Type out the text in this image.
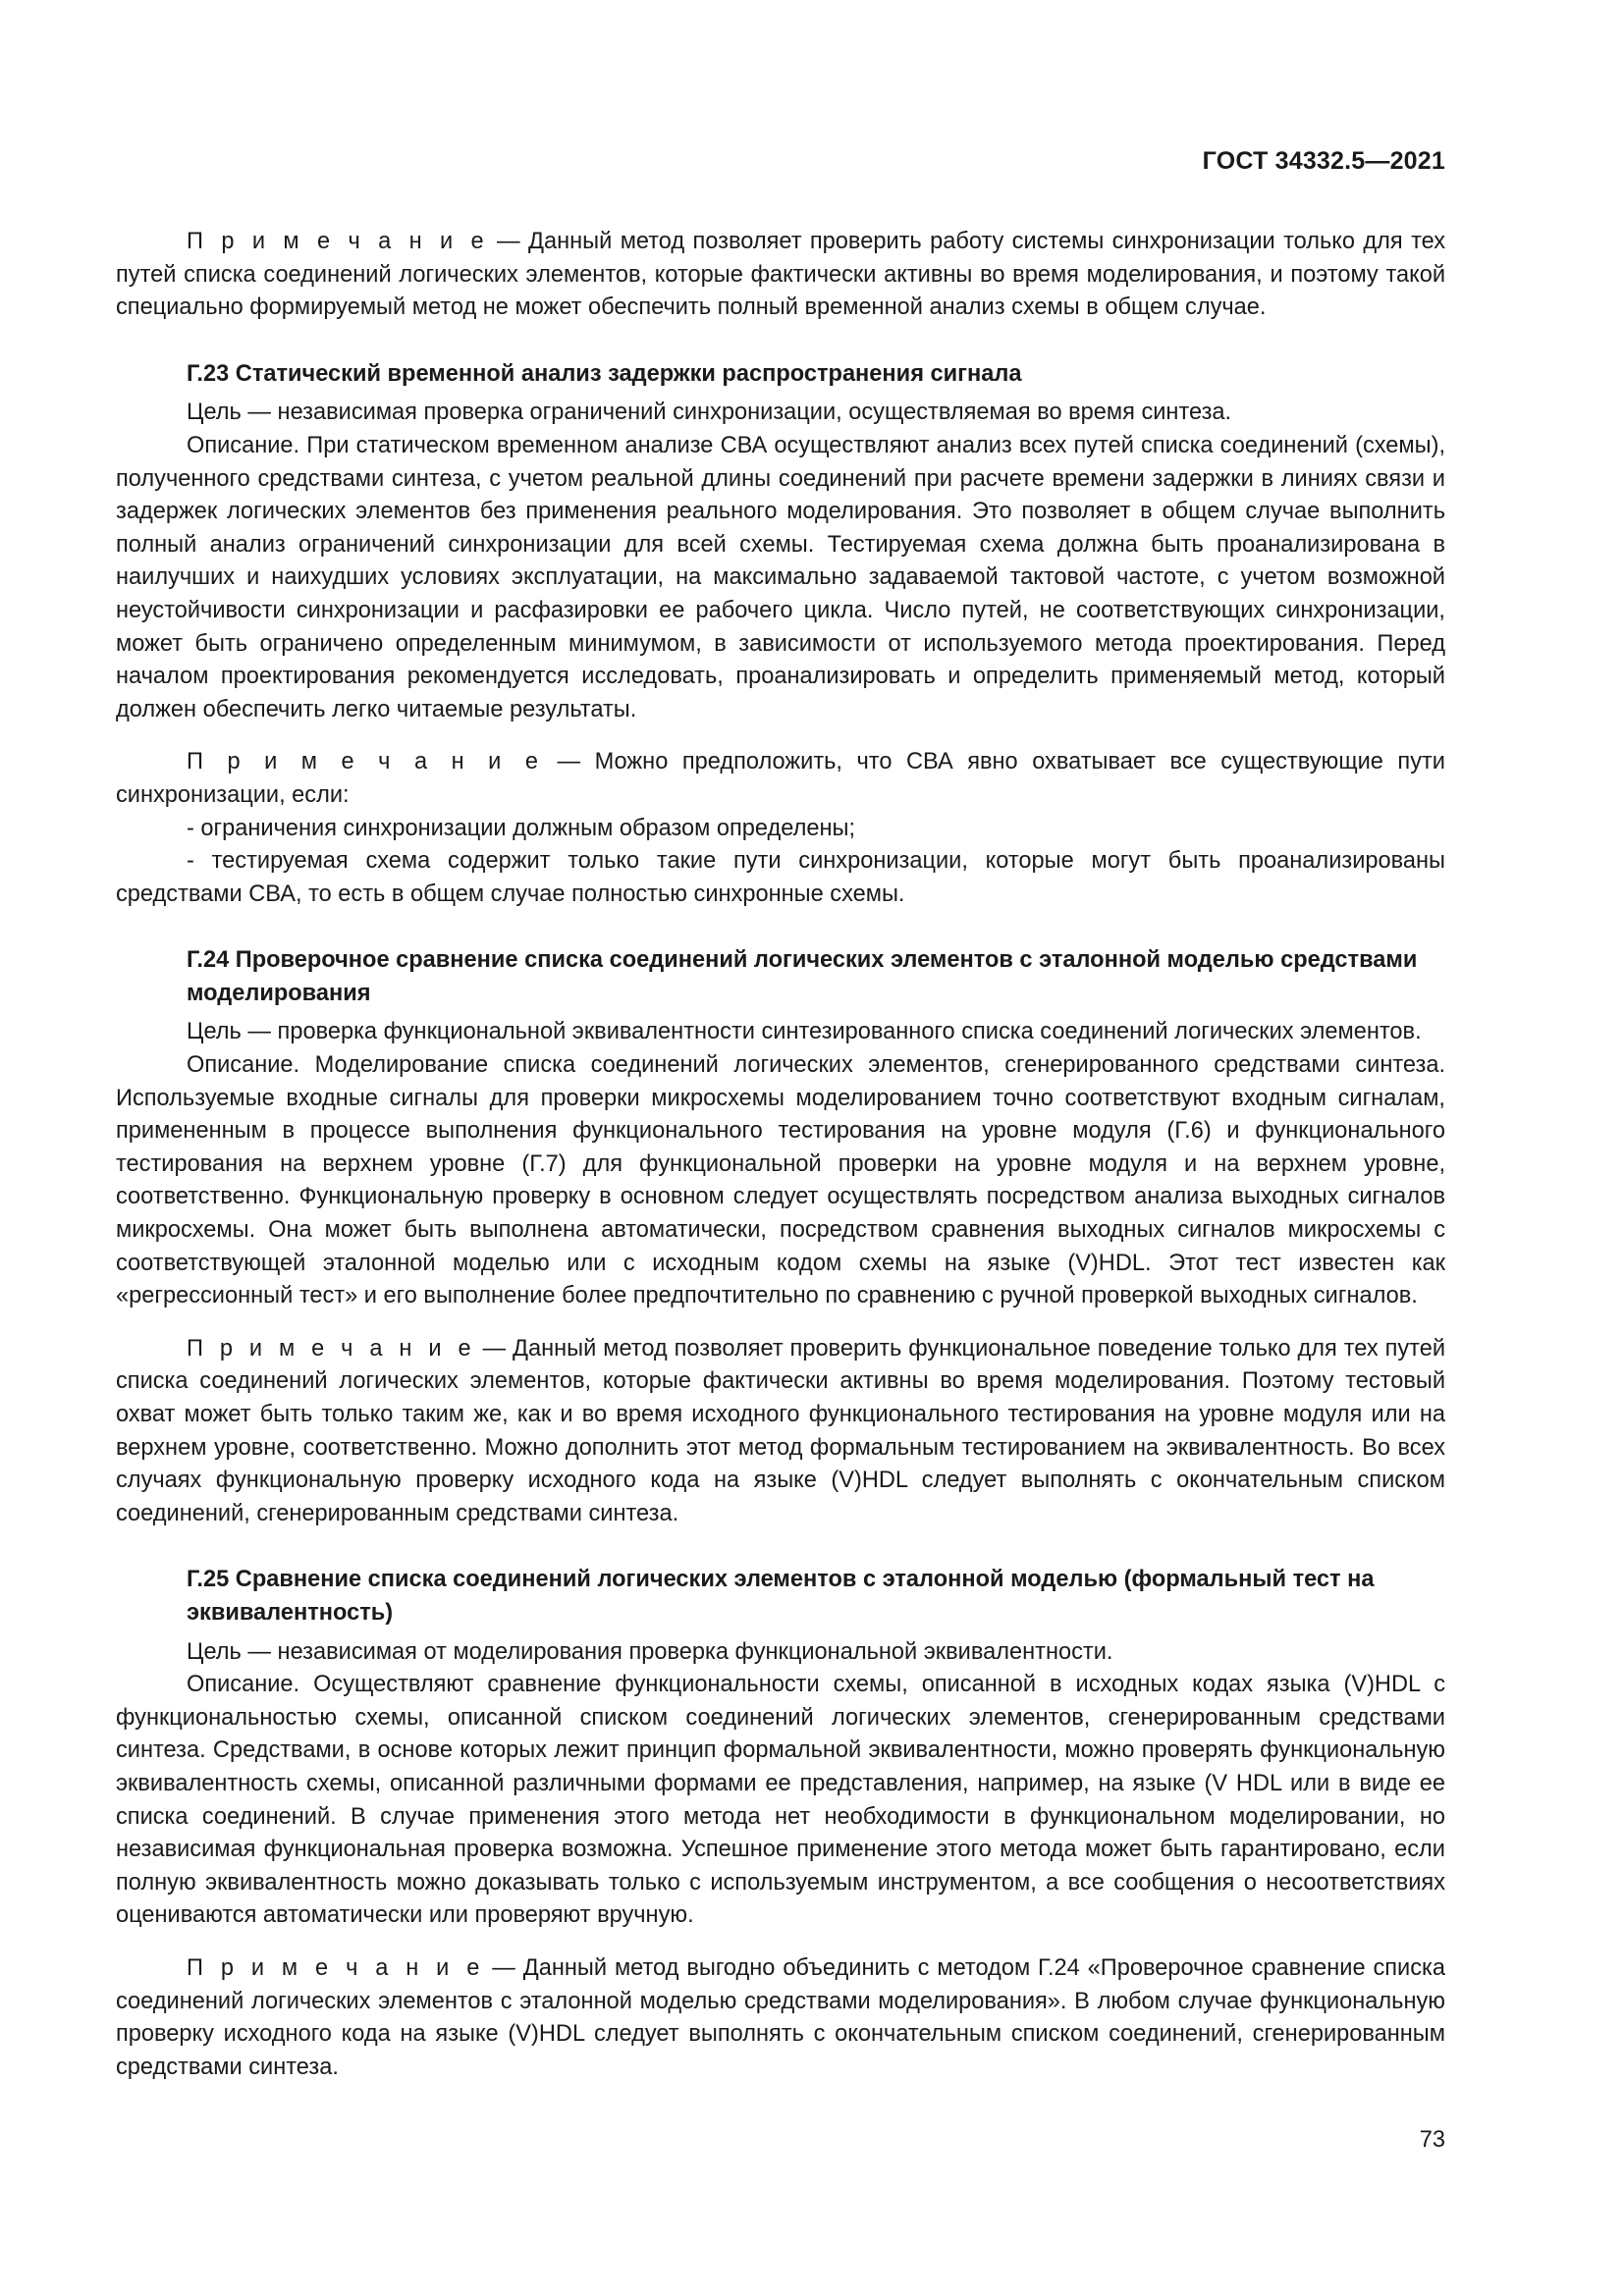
ГОСТ 34332.5—2021

П р и м е ч а н и е — Данный метод позволяет проверить работу системы синхронизации только для тех путей списка соединений логических элементов, которые фактически активны во время моделирования, и поэтому такой специально формируемый метод не может обеспечить полный временной анализ схемы в общем случае.

Г.23 Статический временной анализ задержки распространения сигнала

Цель — независимая проверка ограничений синхронизации, осуществляемая во время синтеза.

Описание. При статическом временном анализе СВА осуществляют анализ всех путей списка соединений (схемы), полученного средствами синтеза, с учетом реальной длины соединений при расчете времени задержки в линиях связи и задержек логических элементов без применения реального моделирования. Это позволяет в общем случае выполнить полный анализ ограничений синхронизации для всей схемы. Тестируемая схема должна быть проанализирована в наилучших и наихудших условиях эксплуатации, на максимально задаваемой тактовой частоте, с учетом возможной неустойчивости синхронизации и расфазировки ее рабочего цикла. Число путей, не соответствующих синхронизации, может быть ограничено определенным минимумом, в зависимости от используемого метода проектирования. Перед началом проектирования рекомендуется исследовать, проанализировать и определить применяемый метод, который должен обеспечить легко читаемые результаты.

П р и м е ч а н и е — Можно предположить, что СВА явно охватывает все существующие пути синхронизации, если:

- ограничения синхронизации должным образом определены;

- тестируемая схема содержит только такие пути синхронизации, которые могут быть проанализированы средствами СВА, то есть в общем случае полностью синхронные схемы.

Г.24 Проверочное сравнение списка соединений логических элементов с эталонной моделью средствами моделирования

Цель — проверка функциональной эквивалентности синтезированного списка соединений логических элементов.

Описание. Моделирование списка соединений логических элементов, сгенерированного средствами синтеза. Используемые входные сигналы для проверки микросхемы моделированием точно соответствуют входным сигналам, примененным в процессе выполнения функционального тестирования на уровне модуля (Г.6) и функционального тестирования на верхнем уровне (Г.7) для функциональной проверки на уровне модуля и на верхнем уровне, соответственно. Функциональную проверку в основном следует осуществлять посредством анализа выходных сигналов микросхемы. Она может быть выполнена автоматически, посредством сравнения выходных сигналов микросхемы с соответствующей эталонной моделью или с исходным кодом схемы на языке (V)HDL. Этот тест известен как «регрессионный тест» и его выполнение более предпочтительно по сравнению с ручной проверкой выходных сигналов.

П р и м е ч а н и е — Данный метод позволяет проверить функциональное поведение только для тех путей списка соединений логических элементов, которые фактически активны во время моделирования. Поэтому тестовый охват может быть только таким же, как и во время исходного функционального тестирования на уровне модуля или на верхнем уровне, соответственно. Можно дополнить этот метод формальным тестированием на эквивалентность. Во всех случаях функциональную проверку исходного кода на языке (V)HDL следует выполнять с окончательным списком соединений, сгенерированным средствами синтеза.

Г.25 Сравнение списка соединений логических элементов с эталонной моделью (формальный тест на эквивалентность)

Цель — независимая от моделирования проверка функциональной эквивалентности.

Описание. Осуществляют сравнение функциональности схемы, описанной в исходных кодах языка (V)HDL с функциональностью схемы, описанной списком соединений логических элементов, сгенерированным средствами синтеза. Средствами, в основе которых лежит принцип формальной эквивалентности, можно проверять функциональную эквивалентность схемы, описанной различными формами ее представления, например, на языке (V HDL или в виде ее списка соединений. В случае применения этого метода нет необходимости в функциональном моделировании, но независимая функциональная проверка возможна. Успешное применение этого метода может быть гарантировано, если полную эквивалентность можно доказывать только с используемым инструментом, а все сообщения о несоответствиях оцениваются автоматически или проверяют вручную.

П р и м е ч а н и е — Данный метод выгодно объединить с методом Г.24 «Проверочное сравнение списка соединений логических элементов с эталонной моделью средствами моделирования». В любом случае функциональную проверку исходного кода на языке (V)HDL следует выполнять с окончательным списком соединений, сгенерированным средствами синтеза.

73
